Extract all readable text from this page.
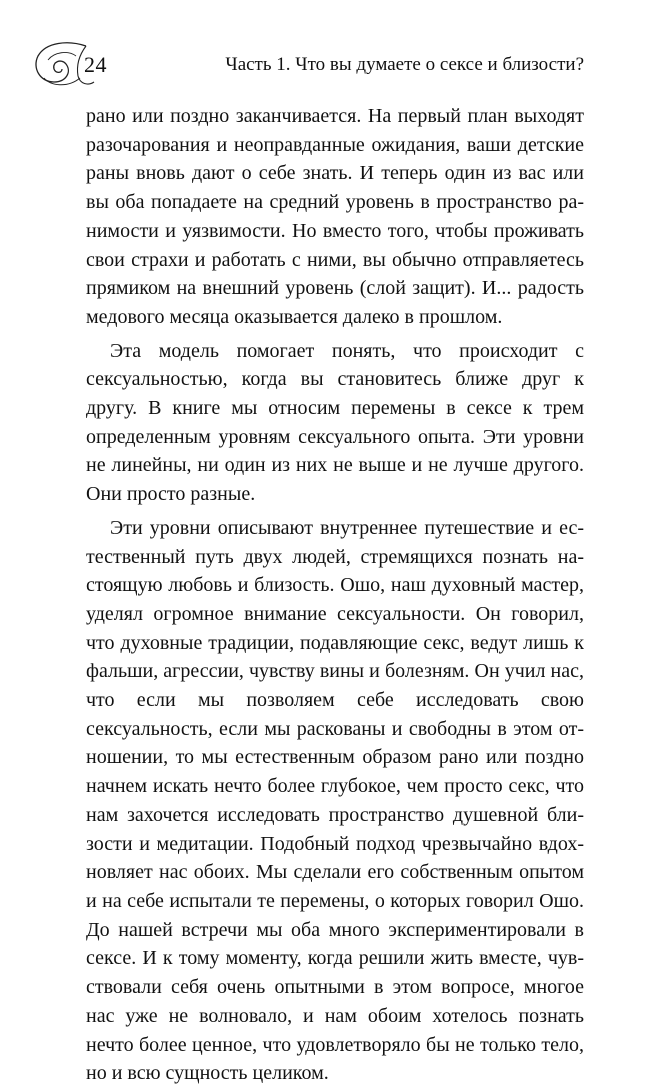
24	Часть 1. Что вы думаете о сексе и близости?

рано или поздно заканчивается. На первый план выходят разочарования и неоправданные ожидания, ваши детские раны вновь дают о себе знать. И теперь один из вас или вы оба попадаете на средний уровень в пространство ранимости и уязвимости. Но вместо того, чтобы проживать свои страхи и работать с ними, вы обычно отправляетесь прямиком на внешний уровень (слой защит). И... радость медового месяца оказывается далеко в прошлом.

Эта модель помогает понять, что происходит с сексуальностью, когда вы становитесь ближе друг к другу. В книге мы относим перемены в сексе к трем определенным уровням сексуального опыта. Эти уровни не линейны, ни один из них не выше и не лучше другого. Они просто разные.

Эти уровни описывают внутреннее путешествие и естественный путь двух людей, стремящихся познать настоящую любовь и близость. Ошо, наш духовный мастер, уделял огромное внимание сексуальности. Он говорил, что духовные традиции, подавляющие секс, ведут лишь к фальши, агрессии, чувству вины и болезням. Он учил нас, что если мы позволяем себе исследовать свою сексуальность, если мы раскованы и свободны в этом отношении, то мы естественным образом рано или поздно начнем искать нечто более глубокое, чем просто секс, что нам захочется исследовать пространство душевной близости и медитации. Подобный подход чрезвычайно вдохновляет нас обоих. Мы сделали его собственным опытом и на себе испытали те перемены, о которых говорил Ошо. До нашей встречи мы оба много экспериментировали в сексе. И к тому моменту, когда решили жить вместе, чувствовали себя очень опытными в этом вопросе, многое нас уже не волновало, и нам обоим хотелось познать нечто более ценное, что удовлетворяло бы не только тело, но и всю сущность целиком.
